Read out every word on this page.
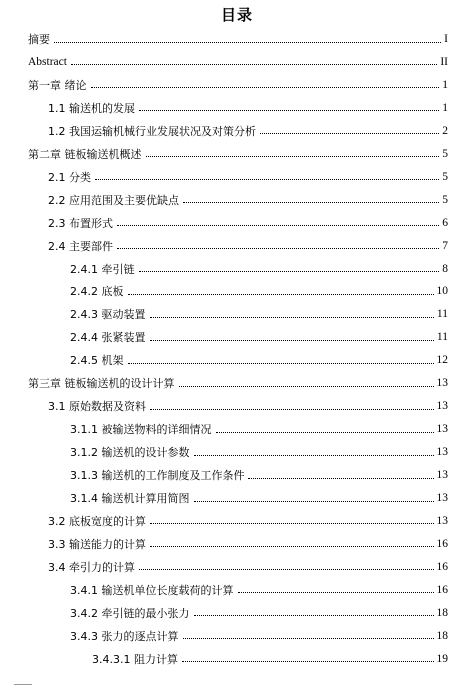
目录
摘要	I
Abstract	II
第一章 绪论	1
1.1 输送机的发展	1
1.2 我国运输机械行业发展状况及对策分析	2
第二章 链板输送机概述	5
2.1 分类	5
2.2 应用范围及主要优缺点	5
2.3 布置形式	6
2.4 主要部件	7
2.4.1 牵引链	8
2.4.2 底板	10
2.4.3 驱动装置	11
2.4.4 张紧装置	11
2.4.5 机架	12
第三章 链板输送机的设计计算	13
3.1 原始数据及资料	13
3.1.1 被输送物料的详细情况	13
3.1.2 输送机的设计参数	13
3.1.3 输送机的工作制度及工作条件	13
3.1.4 输送机计算用简图	13
3.2 底板宽度的计算	13
3.3 输送能力的计算	16
3.4 牵引力的计算	16
3.4.1 输送机单位长度载荷的计算	16
3.4.2 牵引链的最小张力	18
3.4.3 张力的逐点计算	18
3.4.3.1 阻力计算	19
